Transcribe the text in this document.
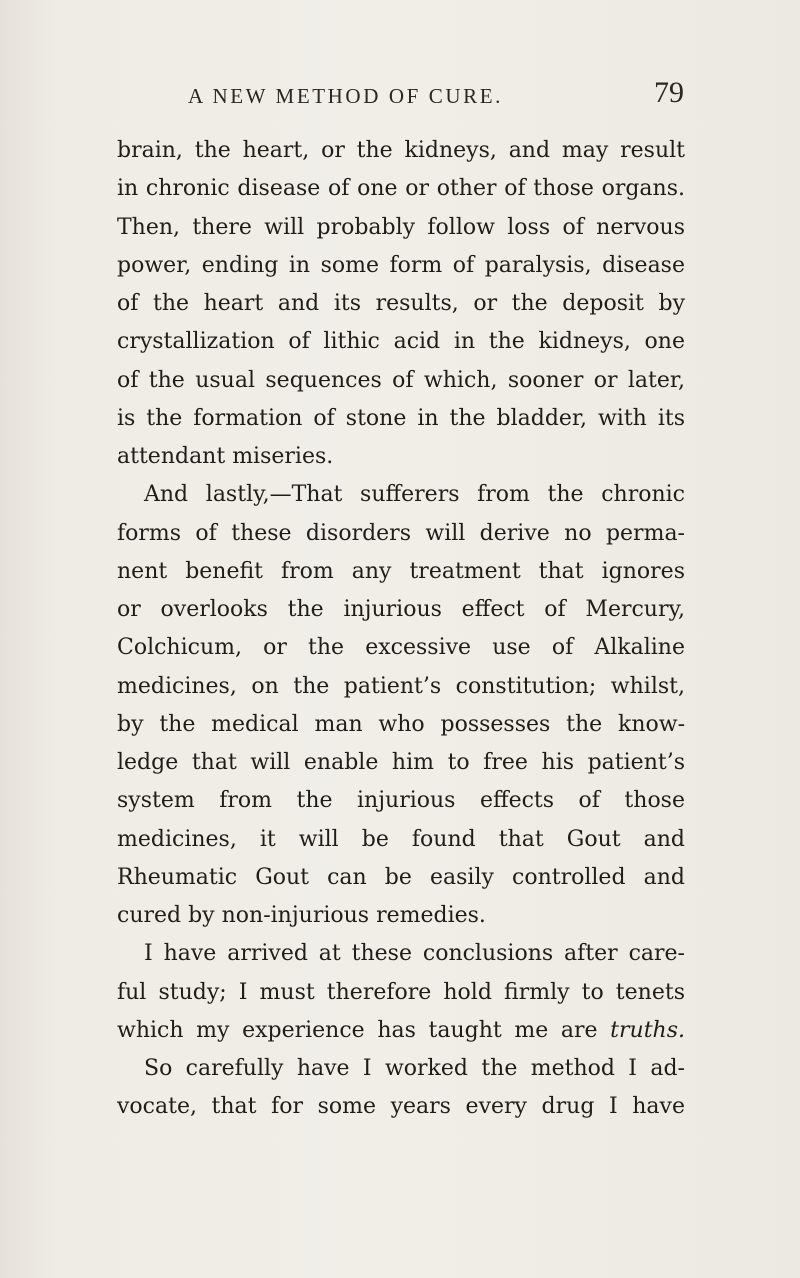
A NEW METHOD OF CURE.	79
brain, the heart, or the kidneys, and may result
in chronic disease of one or other of those organs.
Then, there will probably follow loss of nervous
power, ending in some form of paralysis, disease
of the heart and its results, or the deposit by
crystallization of lithic acid in the kidneys, one
of the usual sequences of which, sooner or later,
is the formation of stone in the bladder, with its
attendant miseries.
And lastly,—That sufferers from the chronic
forms of these disorders will derive no perma-
nent benefit from any treatment that ignores
or overlooks the injurious effect of Mercury,
Colchicum, or the excessive use of Alkaline
medicines, on the patient’s constitution; whilst,
by the medical man who possesses the know-
ledge that will enable him to free his patient’s
system from the injurious effects of those
medicines, it will be found that Gout and
Rheumatic Gout can be easily controlled and
cured by non-injurious remedies.
I have arrived at these conclusions after care-
ful study; I must therefore hold firmly to tenets
which my experience has taught me are truths.
So carefully have I worked the method I ad-
vocate, that for some years every drug I have
